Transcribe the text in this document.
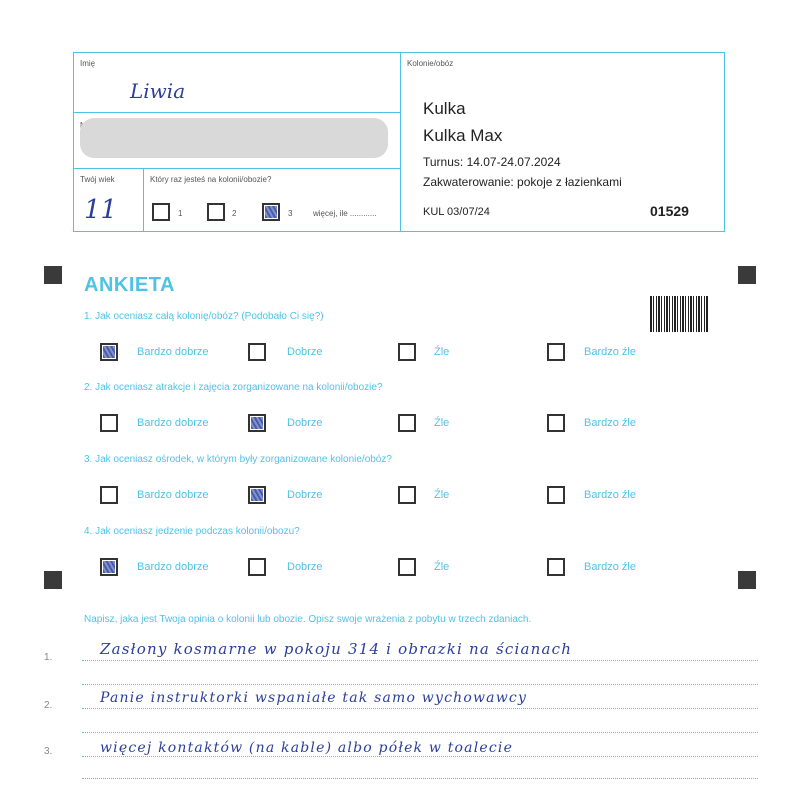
Imię
Liwia
Twój wiek
11
Który raz jesteś na kolonii/obozie?
1	2	3	więcej, ile ............
Kolonie/obóz
Kulka
Kulka Max
Turnus: 14.07-24.07.2024
Zakwaterowanie: pokoje z łazienkami
KUL 03/07/24	01529
ANKIETA
1. Jak oceniasz całą kolonię/obóz? (Podobało Ci się?)
2. Jak oceniasz atrakcje i zajęcia zorganizowane na kolonii/obozie?
3. Jak oceniasz ośrodek, w którym były zorganizowane kolonie/obóz?
4. Jak oceniasz jedzenie podczas kolonii/obozu?
Bardzo dobrze	Dobrze	Źle	Bardzo źle
Bardzo dobrze	Dobrze	Źle	Bardzo źle
Bardzo dobrze	Dobrze	Źle	Bardzo źle
Bardzo dobrze	Dobrze	Źle	Bardzo źle
Napisz, jaka jest Twoja opinia o kolonii lub obozie. Opisz swoje wrażenia z pobytu w trzech zdaniach.
1.	Zasłony kosmarne w pokoju 314 i obrazki na ścianach
2.	Panie instruktorki wspaniałe tak samo wychowawcy
3.	więcej kontaktów (na kable) albo półek w toalecie
